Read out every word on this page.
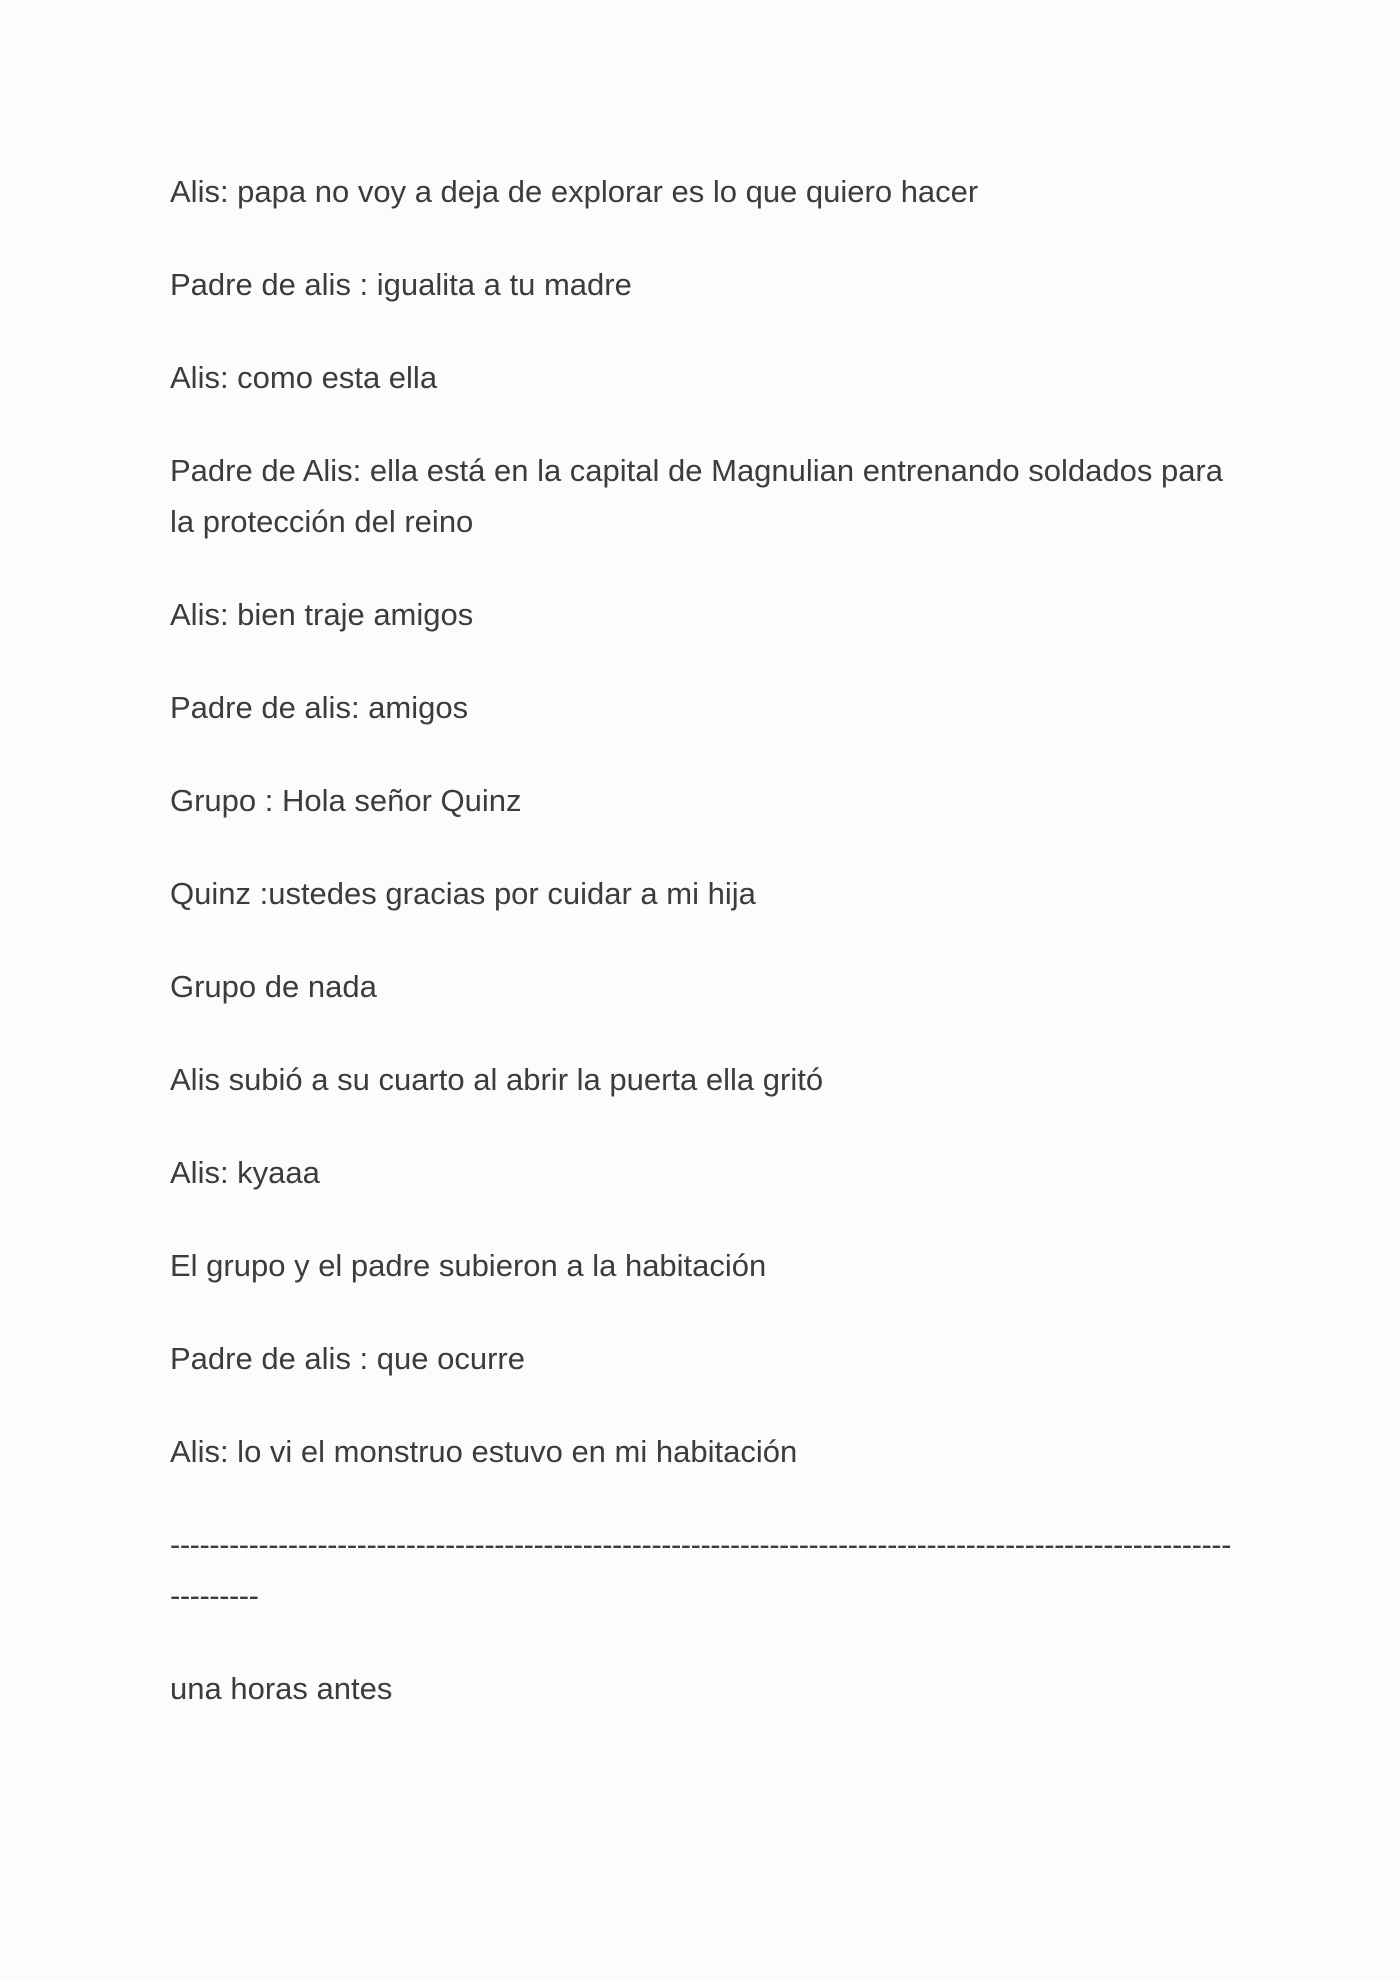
Alis: papa no voy a deja de explorar es lo que quiero hacer

Padre de alis : igualita a tu madre

Alis: como esta ella

Padre de Alis: ella está en la capital de Magnulian entrenando soldados para la protección del reino

Alis: bien traje amigos

Padre de alis: amigos

Grupo : Hola señor Quinz

Quinz :ustedes gracias por cuidar a mi hija

Grupo de nada

Alis subió a su cuarto al abrir la puerta ella gritó

Alis: kyaaa

El grupo y el padre subieron a la habitación

Padre de alis : que ocurre

Alis: lo vi el monstruo estuvo en mi habitación

---------------------------------------------------------------------------------------------------------------------

una horas antes
